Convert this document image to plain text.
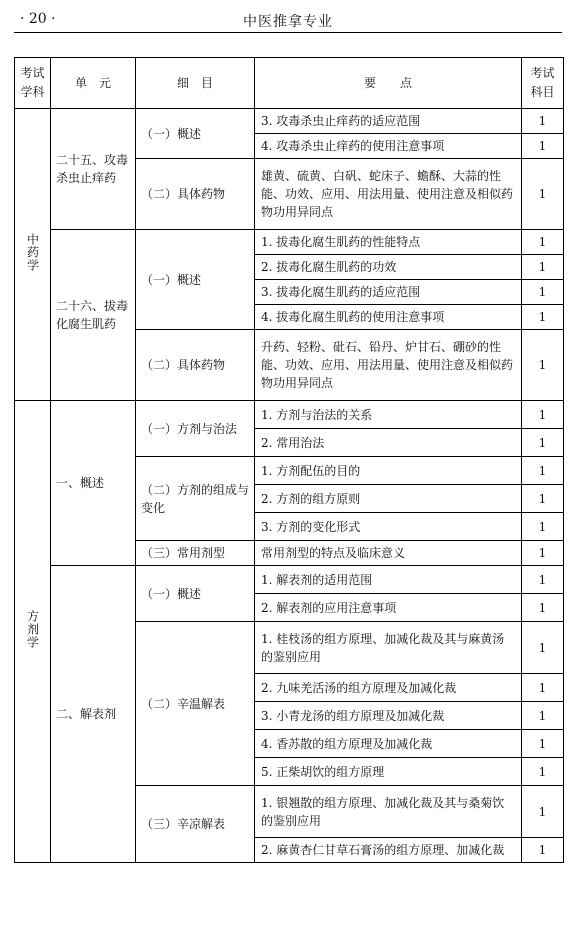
· 20 ·	中医推拿专业
考试
学科	单　元	细　目	要　　点	考试
科目
中药学	二十五、攻毒杀虫止痒药	（一）概述	3. 攻毒杀虫止痒药的适应范围	1
			4. 攻毒杀虫止痒药的使用注意事项	1
		（二）具体药物	雄黄、硫黄、白矾、蛇床子、蟾酥、大蒜的性能、功效、应用、用法用量、使用注意及相似药物功用异同点	1
	二十六、拔毒化腐生肌药	（一）概述	1. 拔毒化腐生肌药的性能特点	1
			2. 拔毒化腐生肌药的功效	1
			3. 拔毒化腐生肌药的适应范围	1
			4. 拔毒化腐生肌药的使用注意事项	1
		（二）具体药物	升药、轻粉、砒石、铅丹、炉甘石、硼砂的性能、功效、应用、用法用量、使用注意及相似药物功用异同点	1
方剂学	一、概述	（一）方剂与治法	1. 方剂与治法的关系	1
			2. 常用治法	1
		（二）方剂的组成与变化	1. 方剂配伍的目的	1
			2. 方剂的组方原则	1
			3. 方剂的变化形式	1
		（三）常用剂型	常用剂型的特点及临床意义	1
	二、解表剂	（一）概述	1. 解表剂的适用范围	1
			2. 解表剂的应用注意事项	1
		（二）辛温解表	1. 桂枝汤的组方原理、加减化裁及其与麻黄汤的鉴别应用	1
			2. 九味羌活汤的组方原理及加减化裁	1
			3. 小青龙汤的组方原理及加减化裁	1
			4. 香苏散的组方原理及加减化裁	1
			5. 正柴胡饮的组方原理	1
		（三）辛凉解表	1. 银翘散的组方原理、加减化裁及其与桑菊饮的鉴别应用	1
			2. 麻黄杏仁甘草石膏汤的组方原理、加减化裁	1
